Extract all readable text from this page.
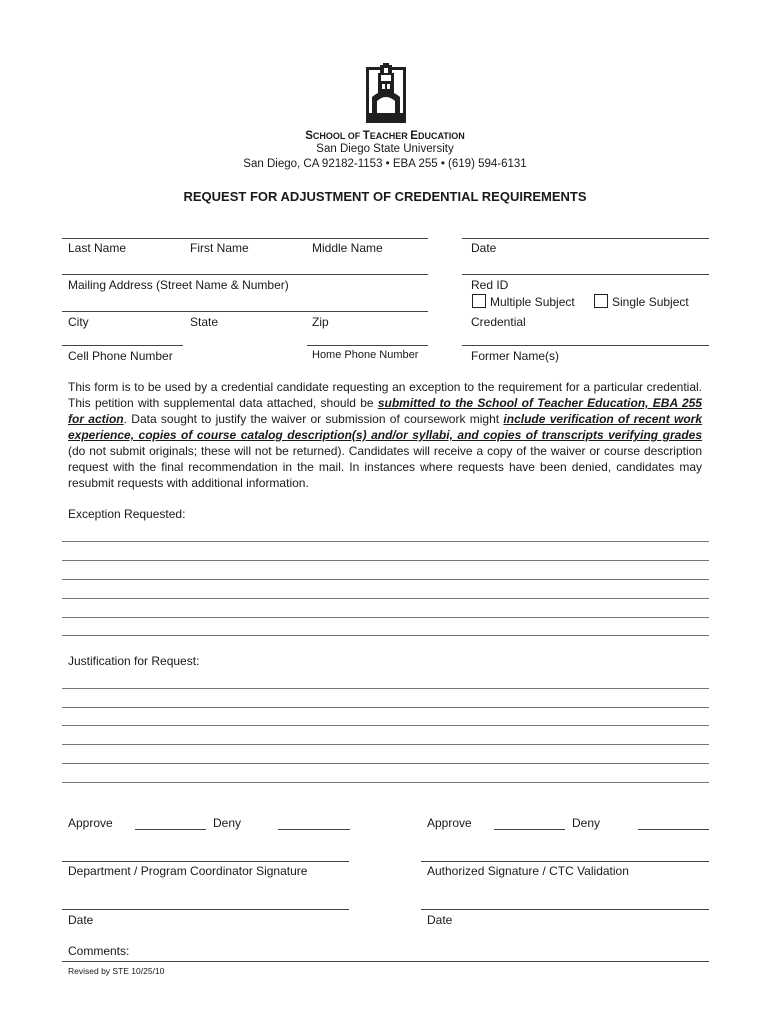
SCHOOL OF TEACHER EDUCATION
San Diego State University
San Diego, CA 92182-1153 • EBA 255 • (619) 594-6131
REQUEST FOR ADJUSTMENT OF CREDENTIAL REQUIREMENTS
Last Name	First Name	Middle Name	Date
Mailing Address (Street Name & Number)	Red ID
Multiple Subject	Single Subject
City	State	Zip	Credential
Cell Phone Number	Home Phone Number	Former Name(s)
This form is to be used by a credential candidate requesting an exception to the requirement for a particular credential. This petition with supplemental data attached, should be submitted to the School of Teacher Education, EBA 255 for action. Data sought to justify the waiver or submission of coursework might include verification of recent work experience, copies of course catalog description(s) and/or syllabi, and copies of transcripts verifying grades (do not submit originals; these will not be returned). Candidates will receive a copy of the waiver or course description request with the final recommendation in the mail. In instances where requests have been denied, candidates may resubmit requests with additional information.
Exception Requested:
Justification for Request:
Approve	Deny	Approve	Deny
Department / Program Coordinator Signature	Authorized Signature / CTC Validation
Date	Date
Comments:
Revised by STE 10/25/10
